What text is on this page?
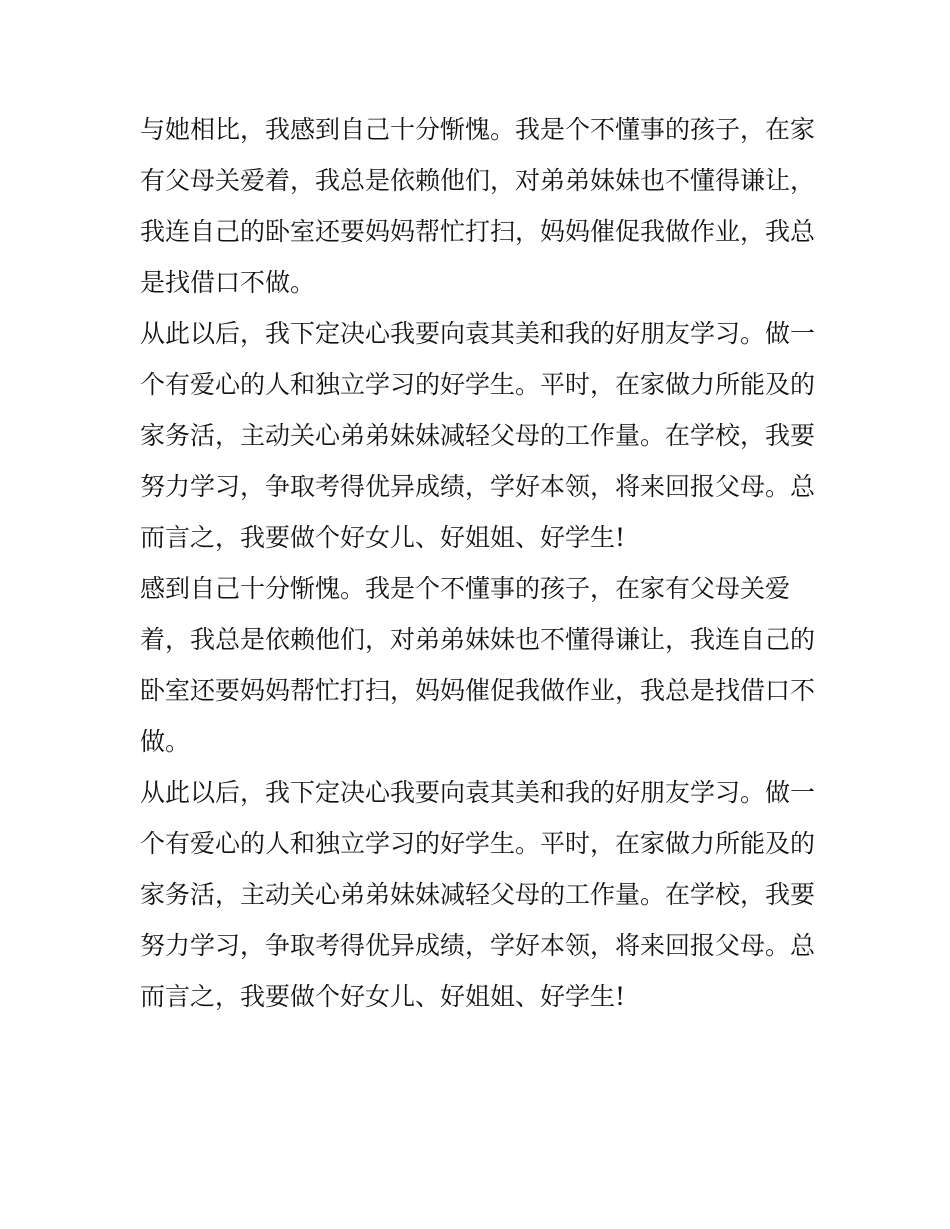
与她相比，我感到自己十分惭愧。我是个不懂事的孩子，在家
有父母关爱着，我总是依赖他们，对弟弟妹妹也不懂得谦让，
我连自己的卧室还要妈妈帮忙打扫，妈妈催促我做作业，我总
是找借口不做。
从此以后，我下定决心我要向袁其美和我的好朋友学习。做一
个有爱心的人和独立学习的好学生。平时，在家做力所能及的
家务活，主动关心弟弟妹妹减轻父母的工作量。在学校，我要
努力学习，争取考得优异成绩，学好本领，将来回报父母。总
而言之，我要做个好女儿、好姐姐、好学生!
感到自己十分惭愧。我是个不懂事的孩子，在家有父母关爱
着，我总是依赖他们，对弟弟妹妹也不懂得谦让，我连自己的
卧室还要妈妈帮忙打扫，妈妈催促我做作业，我总是找借口不
做。
从此以后，我下定决心我要向袁其美和我的好朋友学习。做一
个有爱心的人和独立学习的好学生。平时，在家做力所能及的
家务活，主动关心弟弟妹妹减轻父母的工作量。在学校，我要
努力学习，争取考得优异成绩，学好本领，将来回报父母。总
而言之，我要做个好女儿、好姐姐、好学生!
